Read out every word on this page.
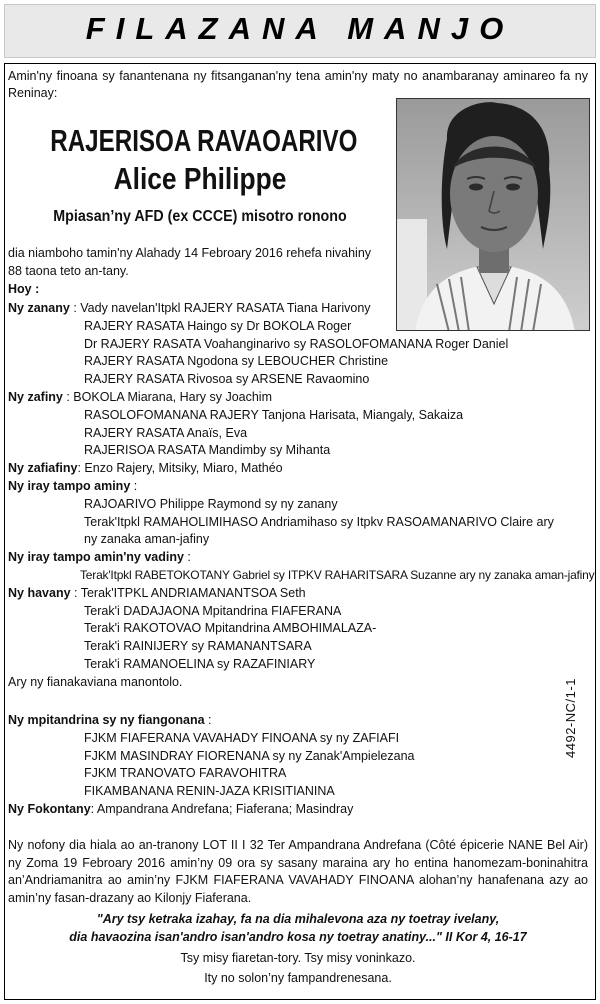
FILAZANA MANJO
Amin'ny finoana sy fanantenana ny fitsanganan'ny tena amin'ny maty no anambaranay aminareo fa ny Reninay:
RAJERISOA RAVAOARIVO
Alice Philippe
Mpiasan’ny AFD (ex CCCE) misotro ronono
dia niamboho tamin'ny Alahady 14 Febroary 2016 rehefa nivahiny
88 taona teto an-tany.
Hoy :
Ny zanany : Vady navelan'Itpkl RAJERY RASATA Tiana Harivony
RAJERY RASATA Haingo sy Dr BOKOLA Roger
Dr RAJERY RASATA Voahanginarivo sy RASOLOFOMANANA Roger Daniel
RAJERY RASATA Ngodona sy LEBOUCHER Christine
RAJERY RASATA Rivosoa sy ARSENE Ravaomino
Ny zafiny : BOKOLA Miarana, Hary sy Joachim
RASOLOFOMANANA RAJERY Tanjona Harisata, Miangaly, Sakaiza
RAJERY RASATA Anaïs, Eva
RAJERISOA RASATA Mandimby sy Mihanta
Ny zafiafiny: Enzo Rajery, Mitsiky, Miaro, Mathéo
Ny iray tampo aminy :
RAJOARIVO Philippe Raymond sy ny zanany
Terak'Itpkl RAMAHOLIMIHASO Andriamihaso sy Itpkv RASOAMANARIVO Claire ary
ny zanaka aman-jafiny
Ny iray tampo amin'ny vadiny :
Terak'Itpkl RABETOKOTANY Gabriel sy ITPKV RAHARITSARA Suzanne ary ny zanaka aman-jafiny
Ny havany : Terak'ITPKL ANDRIAMANANTSOA Seth
Terak'i DADAJAONA Mpitandrina FIAFERANA
Terak'i RAKOTOVAO Mpitandrina AMBOHIMALAZA-
Terak'i RAINIJERY sy RAMANANTSARA
Terak'i RAMANOELINA sy RAZAFINIARY
Ary ny fianakaviana manontolo.
Ny mpitandrina sy ny fiangonana :
FJKM FIAFERANA VAVAHADY FINOANA sy ny ZAFIAFI
FJKM MASINDRAY FIORENANA sy ny Zanak'Ampielezana
FJKM TRANOVATO FARAVOHITRA
FIKAMBANANA RENIN-JAZA KRISITIANINA
Ny Fokontany: Ampandrana Andrefana; Fiaferana; Masindray
4492-NC/1-1
Ny nofony dia hiala ao an-tranony LOT II I 32 Ter Ampandrana Andrefana (Côté épicerie NANE Bel Air) ny Zoma 19 Febroary 2016 amin’ny 09 ora sy sasany maraina ary ho entina hanomezam-boninahitra an’Andriamanitra ao amin’ny FJKM FIAFERANA VAVAHADY FINOANA alohan’ny hanafenana azy ao amin’ny fasan-drazany ao Kilonjy Fiaferana.
"Ary tsy ketraka izahay, fa na dia mihalevona aza ny toetray ivelany,
dia havaozina isan'andro isan'andro kosa ny toetray anatiny..." II Kor 4, 16-17
Tsy misy fiaretan-tory. Tsy misy voninkazo.
Ity no solon’ny fampandrenesana.
